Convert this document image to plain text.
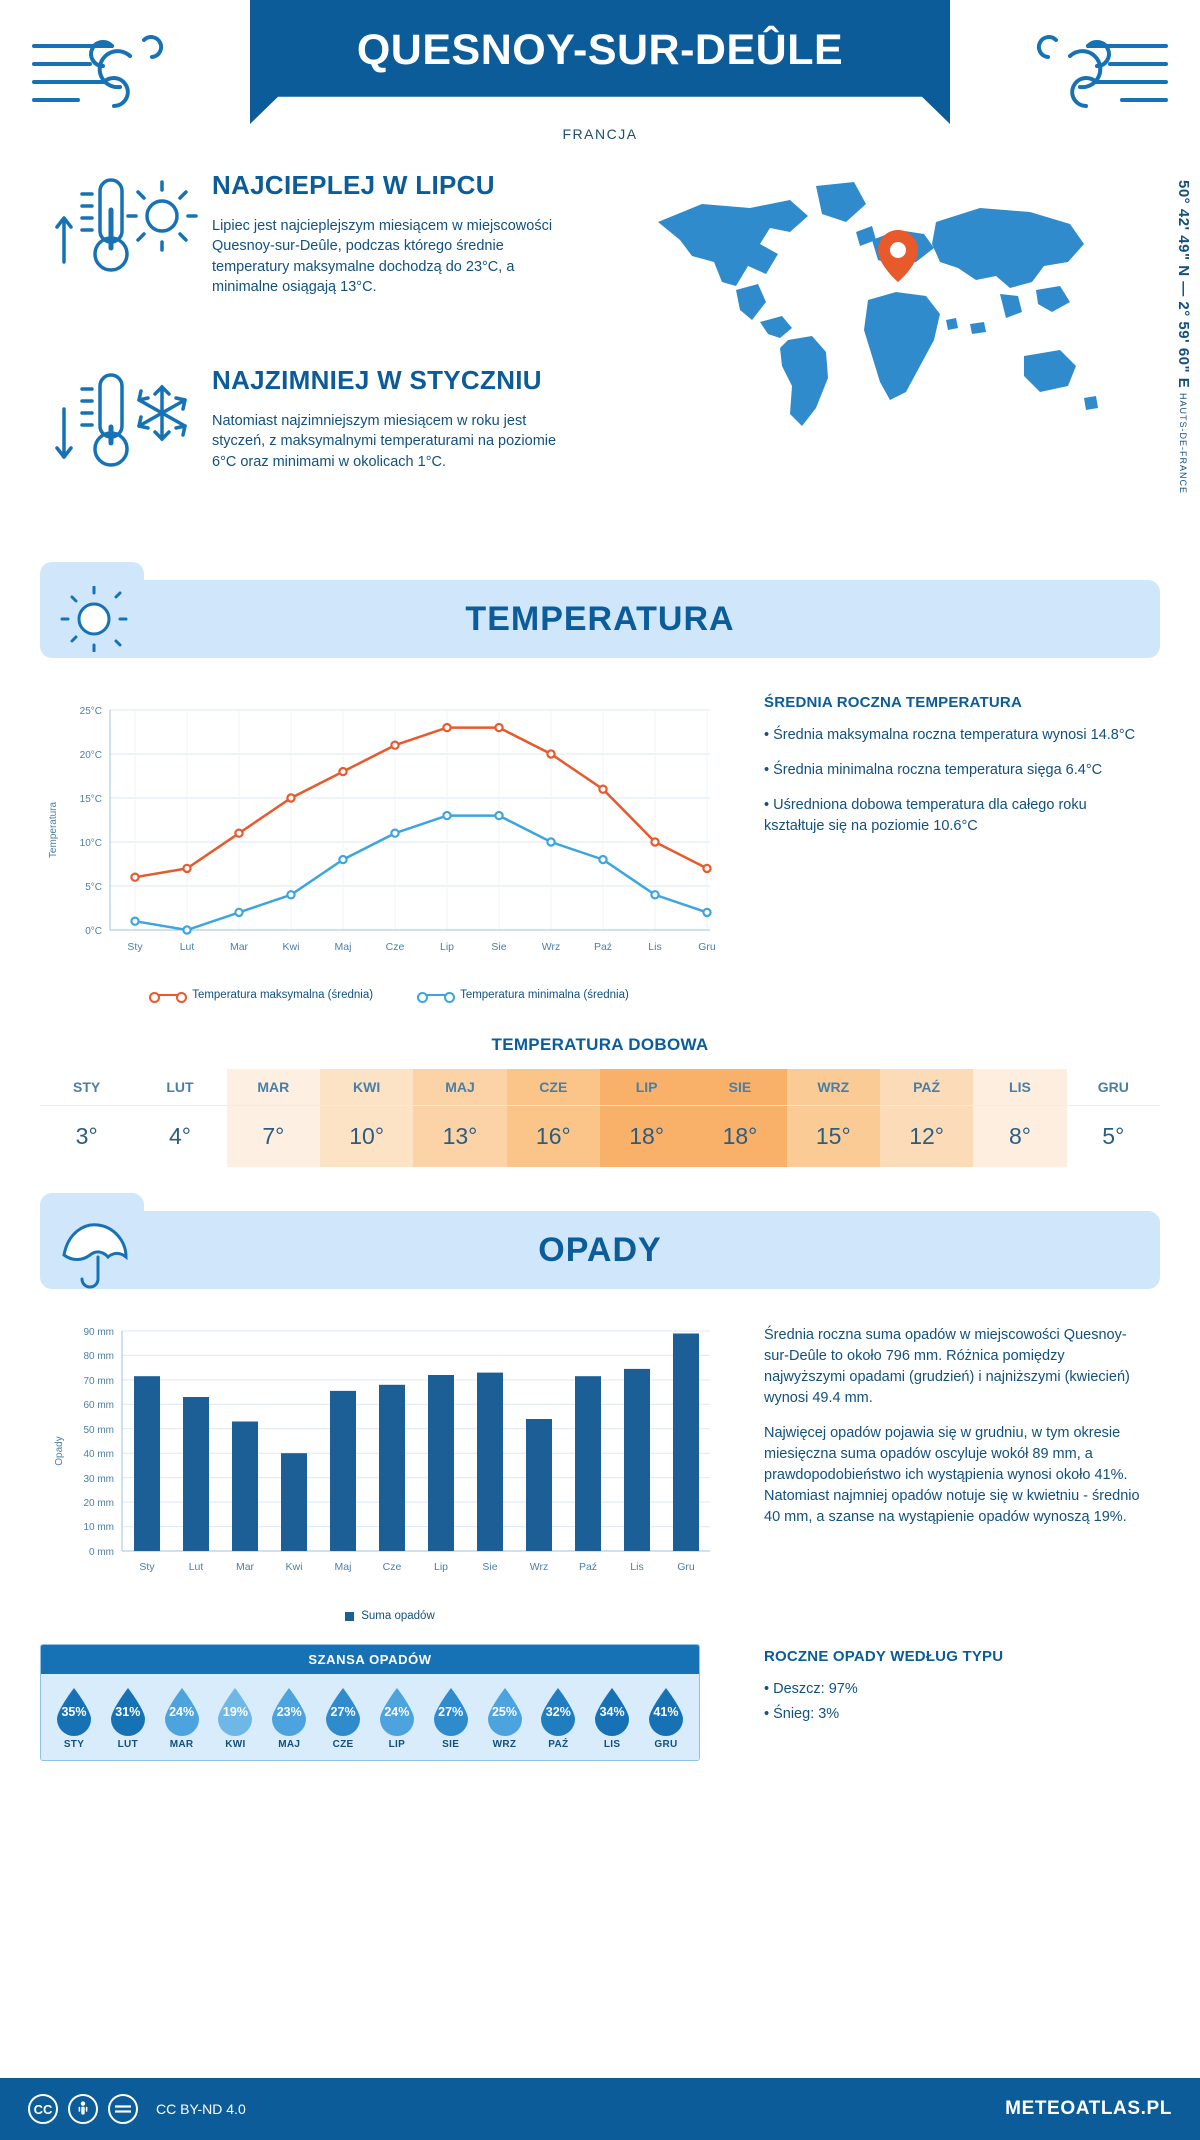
QUESNOY-SUR-DEÛLE
FRANCJA
NAJCIEPLEJ W LIPCU

Lipiec jest najcieplejszym miesiącem w miejscowości Quesnoy-sur-Deûle, podczas którego średnie temperatury maksymalne dochodzą do 23°C, a minimalne osiągają 13°C.

NAJZIMNIEJ W STYCZNIU

Natomiast najzimniejszym miesiącem w roku jest styczeń, z maksymalnymi temperaturami na poziomie 6°C oraz minimami w okolicach 1°C.

50° 42' 49" N — 2° 59' 60" E HAUTS-DE-FRANCE
TEMPERATURA
Temperatura
25°C
20°C
15°C
10°C
5°C
0°C
Sty	Lut	Mar	Kwi	Maj	Cze	Lip	Sie	Wrz	Paź	Lis	Gru
Temperatura maksymalna (średnia)	Temperatura minimalna (średnia)

ŚREDNIA ROCZNA TEMPERATURA

• Średnia maksymalna roczna temperatura wynosi 14.8°C

• Średnia minimalna roczna temperatura sięga 6.4°C

• Uśredniona dobowa temperatura dla całego roku kształtuje się na poziomie 10.6°C

TEMPERATURA DOBOWA
STY	LUT	MAR	KWI	MAJ	CZE	LIP	SIE	WRZ	PAŹ	LIS	GRU
3°	4°	7°	10°	13°	16°	18°	18°	15°	12°	8°	5°
OPADY
Opady
90 mm
80 mm
70 mm
60 mm
50 mm
40 mm
30 mm
20 mm
10 mm
0 mm
Sty	Lut	Mar	Kwi	Maj	Cze	Lip	Sie	Wrz	Paź	Lis	Gru
Suma opadów
SZANSA OPADÓW
35%
STY
31%
LUT
24%
MAR
19%
KWI
23%
MAJ
27%
CZE
24%
LIP
27%
SIE
25%
WRZ
32%
PAŹ
34%
LIS
41%
GRU

Średnia roczna suma opadów w miejscowości Quesnoy-sur-Deûle to około 796 mm. Różnica pomiędzy najwyższymi opadami (grudzień) i najniższymi (kwiecień) wynosi 49.4 mm.

Najwięcej opadów pojawia się w grudniu, w tym okresie miesięczna suma opadów oscyluje wokół 89 mm, a prawdopodobieństwo ich wystąpienia wynosi około 41%. Natomiast najmniej opadów notuje się w kwietniu - średnio 40 mm, a szanse na wystąpienie opadów wynoszą 19%.

ROCZNE OPADY WEDŁUG TYPU

• Deszcz: 97%

• Śnieg: 3%

CC	CC BY-ND 4.0	METEOATLAS.PL
